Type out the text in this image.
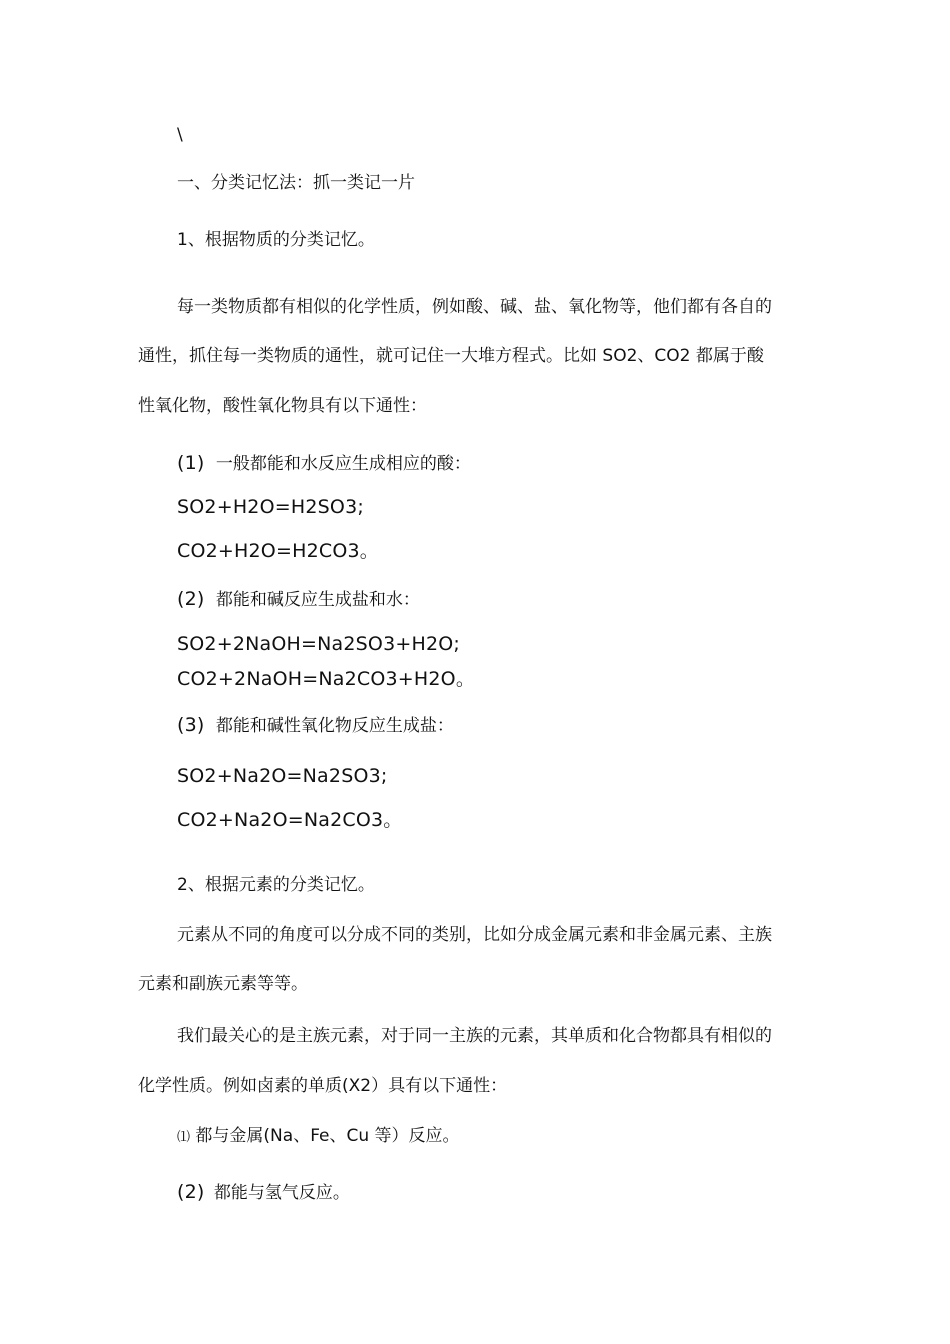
\
一、分类记忆法：抓一类记一片
1、根据物质的分类记忆。
每一类物质都有相似的化学性质，例如酸、碱、盐、氧化物等，他们都有各自的
通性，抓住每一类物质的通性，就可记住一大堆方程式。比如 SO2、CO2 都属于酸
性氧化物，酸性氧化物具有以下通性：
(1) 一般都能和水反应生成相应的酸：
SO2+H2O=H2SO3;
CO2+H2O=H2CO3。
(2) 都能和碱反应生成盐和水：
SO2+2NaOH=Na2SO3+H2O;
CO2+2NaOH=Na2CO3+H2O。
(3) 都能和碱性氧化物反应生成盐：
SO2+Na2O=Na2SO3;
CO2+Na2O=Na2CO3。
2、根据元素的分类记忆。
元素从不同的角度可以分成不同的类别，比如分成金属元素和非金属元素、主族
元素和副族元素等等。
我们最关心的是主族元素，对于同一主族的元素，其单质和化合物都具有相似的
化学性质。例如卤素的单质(X2）具有以下通性：
⑴ 都与金属(Na、Fe、Cu 等）反应。
(2) 都能与氢气反应。
